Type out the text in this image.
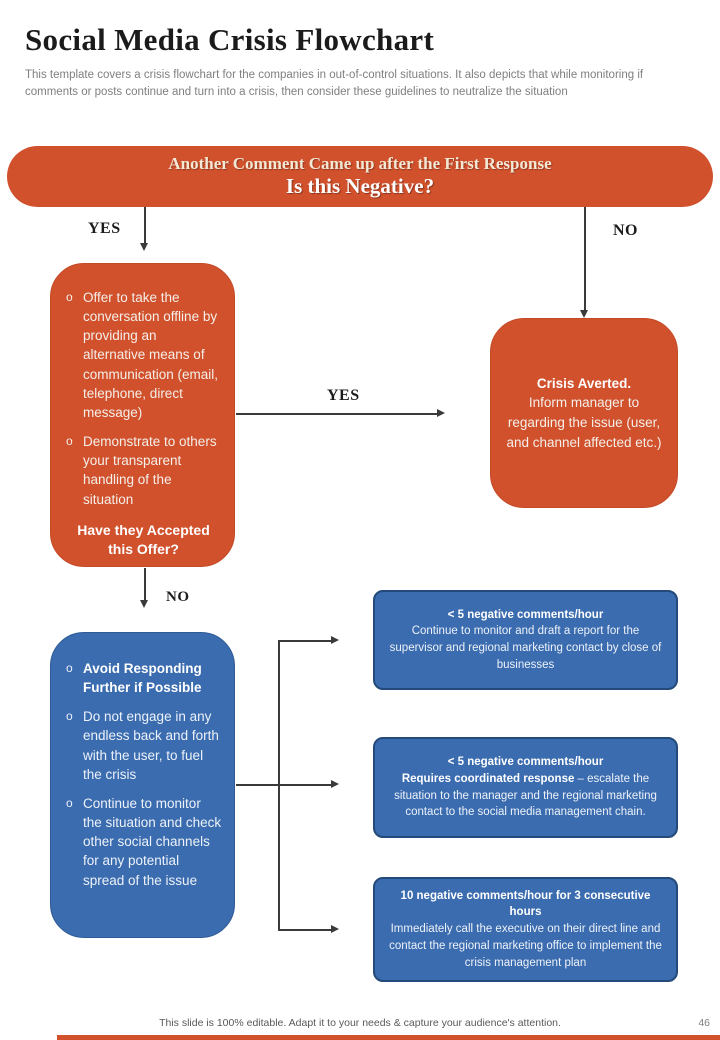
Social Media Crisis Flowchart
This template covers a crisis flowchart for the companies in out-of-control situations. It also depicts that while monitoring if comments or posts continue and turn into a crisis, then consider these guidelines to neutralize the situation
Another Comment Came up after the First Response
Is this Negative?
YES	NO
YES
NO
o Offer to take the conversation offline by providing an alternative means of communication (email, telephone, direct message)
o Demonstrate to others your transparent handling of the situation
Have they Accepted this Offer?
Crisis Averted.
Inform manager to regarding the issue (user, and channel affected etc.)
o Avoid Responding Further if Possible
o Do not engage in any endless back and forth with the user, to fuel the crisis
o Continue to monitor the situation and check other social channels for any potential spread of the issue
< 5 negative comments/hour
Continue to monitor and draft a report for the supervisor and regional marketing contact by close of businesses
< 5 negative comments/hour
Requires coordinated response – escalate the situation to the manager and the regional marketing contact to the social media management chain.
10 negative comments/hour for 3 consecutive hours
Immediately call the executive on their direct line and contact the regional marketing office to implement the crisis management plan
This slide is 100% editable. Adapt it to your needs & capture your audience's attention.	46
